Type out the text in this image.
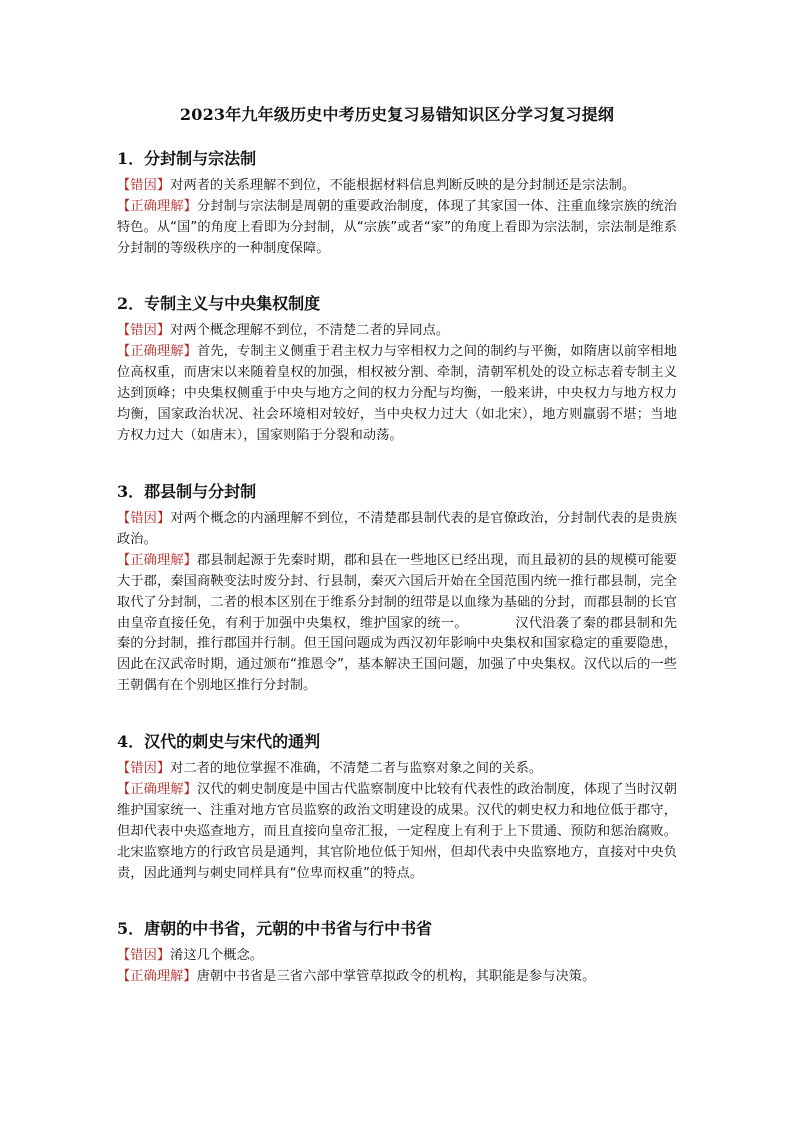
2023年九年级历史中考历史复习易错知识区分学习复习提纲
1．分封制与宗法制

【错因】对两者的关系理解不到位，不能根据材料信息判断反映的是分封制还是宗法制。

【正确理解】分封制与宗法制是周朝的重要政治制度，体现了其家国一体、注重血缘宗族的统治特色。从“国”的角度上看即为分封制，从“宗族”或者“家”的角度上看即为宗法制，宗法制是维系分封制的等级秩序的一种制度保障。

2．专制主义与中央集权制度

【错因】对两个概念理解不到位，不清楚二者的异同点。

【正确理解】首先，专制主义侧重于君主权力与宰相权力之间的制约与平衡，如隋唐以前宰相地位高权重，而唐宋以来随着皇权的加强，相权被分割、牵制，清朝军机处的设立标志着专制主义达到顶峰；中央集权侧重于中央与地方之间的权力分配与均衡，一般来讲，中央权力与地方权力均衡，国家政治状况、社会环境相对较好，当中央权力过大（如北宋），地方则羸弱不堪；当地方权力过大（如唐末），国家则陷于分裂和动荡。

3．郡县制与分封制

【错因】对两个概念的内涵理解不到位，不清楚郡县制代表的是官僚政治，分封制代表的是贵族政治。

【正确理解】郡县制起源于先秦时期，郡和县在一些地区已经出现，而且最初的县的规模可能要大于郡，秦国商鞅变法时废分封、行县制，秦灭六国后开始在全国范围内统一推行郡县制，完全取代了分封制，二者的根本区别在于维系分封制的纽带是以血缘为基础的分封，而郡县制的长官由皇帝直接任免，有利于加强中央集权，维护国家的统一。　　　　汉代沿袭了秦的郡县制和先秦的分封制，推行郡国并行制。但王国问题成为西汉初年影响中央集权和国家稳定的重要隐患，因此在汉武帝时期，通过颁布“推恩令”，基本解决王国问题，加强了中央集权。汉代以后的一些王朝偶有在个别地区推行分封制。

4．汉代的刺史与宋代的通判

【错因】对二者的地位掌握不准确，不清楚二者与监察对象之间的关系。

【正确理解】汉代的刺史制度是中国古代监察制度中比较有代表性的政治制度，体现了当时汉朝维护国家统一、注重对地方官员监察的政治文明建设的成果。汉代的刺史权力和地位低于郡守，但却代表中央巡查地方，而且直接向皇帝汇报，一定程度上有利于上下贯通、预防和惩治腐败。北宋监察地方的行政官员是通判，其官阶地位低于知州，但却代表中央监察地方，直接对中央负责，因此通判与刺史同样具有“位卑而权重”的特点。

5．唐朝的中书省，元朝的中书省与行中书省

【错因】淆这几个概念。

【正确理解】唐朝中书省是三省六部中掌管草拟政令的机构，其职能是参与决策。
